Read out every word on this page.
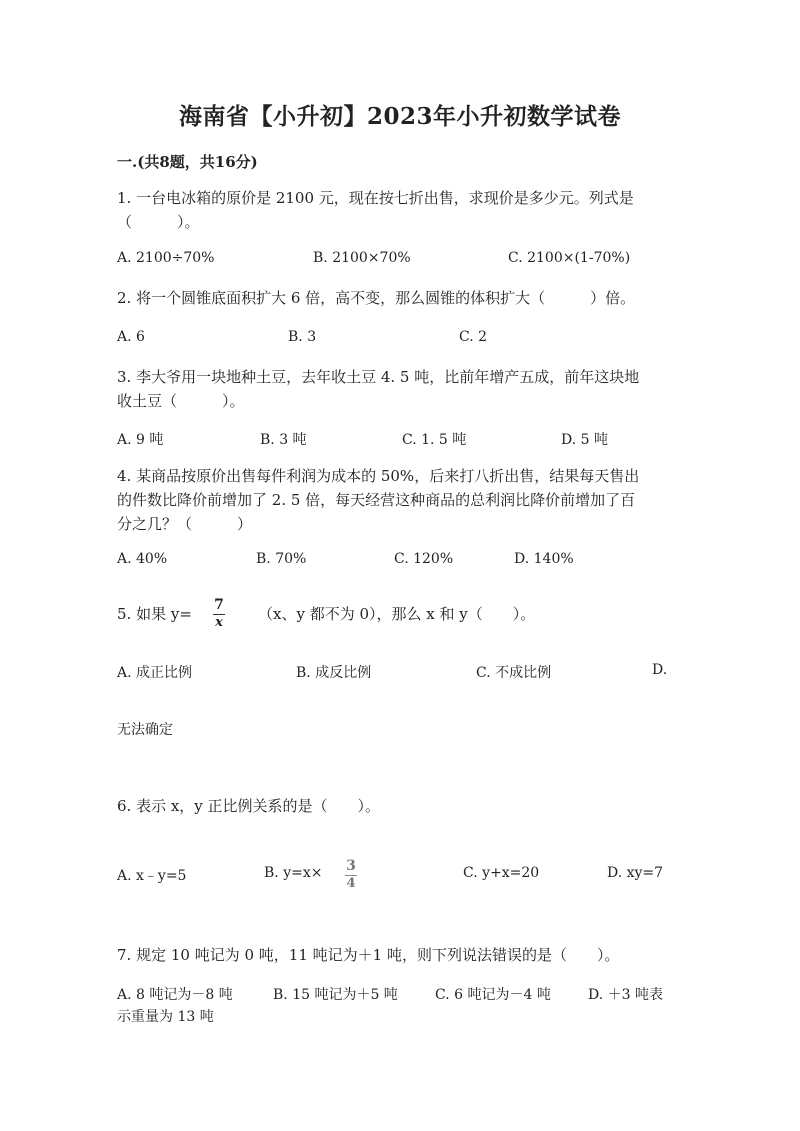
海南省【小升初】2023年小升初数学试卷
一.(共8题，共16分)
1. 一台电冰箱的原价是 2100 元，现在按七折出售，求现价是多少元。列式是
（　　　）。
A. 2100÷70%	B. 2100×70%	C. 2100×(1-70%)
2. 将一个圆锥底面积扩大 6 倍，高不变，那么圆锥的体积扩大（　　　）倍。
A. 6	B. 3	C. 2
3. 李大爷用一块地种土豆，去年收土豆 4. 5 吨，比前年增产五成，前年这块地
收土豆（　　　）。
A. 9 吨	B. 3 吨	C. 1. 5 吨	D. 5 吨
4. 某商品按原价出售每件利润为成本的 50%，后来打八折出售，结果每天售出
的件数比降价前增加了 2. 5 倍，每天经营这种商品的总利润比降价前增加了百
分之几？（　　　）
A. 40%	B. 70%	C. 120%	D. 140%
5. 如果 y= 7
x （x、y 都不为 0），那么 x 和 y（　　）。
A. 成正比例	B. 成反比例	C. 不成比例	D.
无法确定
6. 表示 x，y 正比例关系的是（　　）。
A. x﹣y=5	B. y=x× 3
4
C. y+x=20	D. xy=7
7. 规定 10 吨记为 0 吨，11 吨记为＋1 吨，则下列说法错误的是（　　）。
A. 8 吨记为－8 吨	B. 15 吨记为＋5 吨	C. 6 吨记为－4 吨	D. ＋3 吨表
示重量为 13 吨
